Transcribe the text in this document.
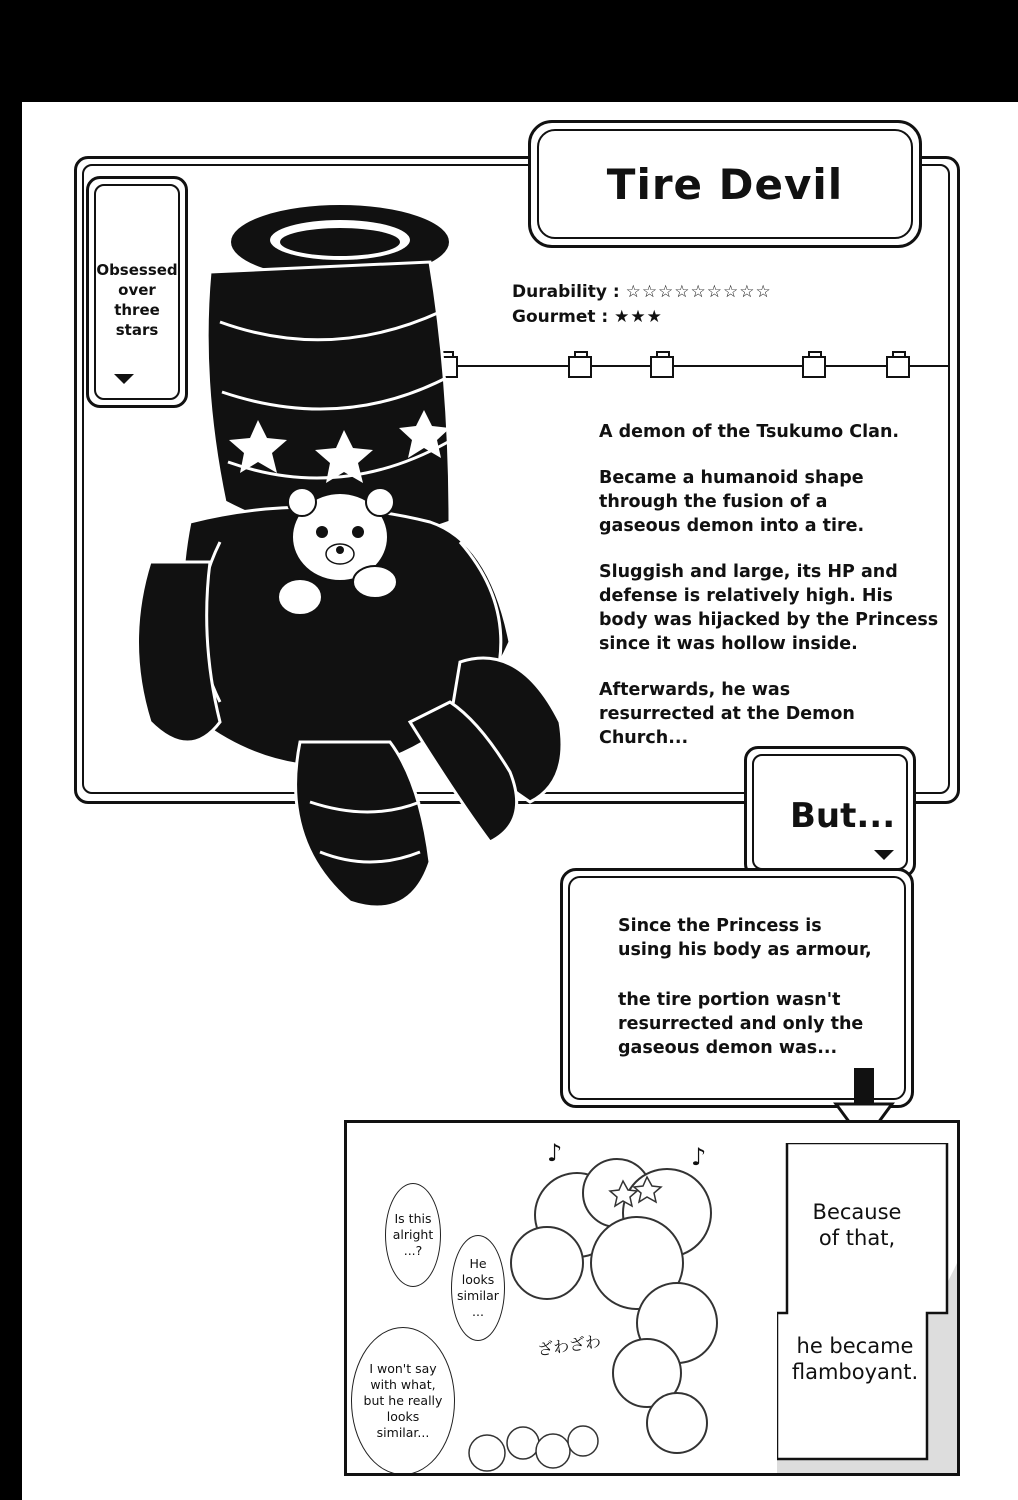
Tire Devil
Obsessed
over three
stars
Durability : ☆☆☆☆☆☆☆☆☆
Gourmet : ★★★

A demon of the Tsukumo Clan.

Became a humanoid shape through the fusion of a gaseous demon into a tire.

Sluggish and large, its HP and defense is relatively high. His body was hijacked by the Princess since it was hollow inside.

Afterwards, he was resurrected at the Demon Church...

But...

Since the Princess is using his body as armour,

the tire portion wasn't resurrected and only the gaseous demon was...

♪	♪
ざわざわ
Is this alright ...?
He looks similar ...
I won't say with what, but he really looks similar...
Because
of that,
he became
flamboyant.
